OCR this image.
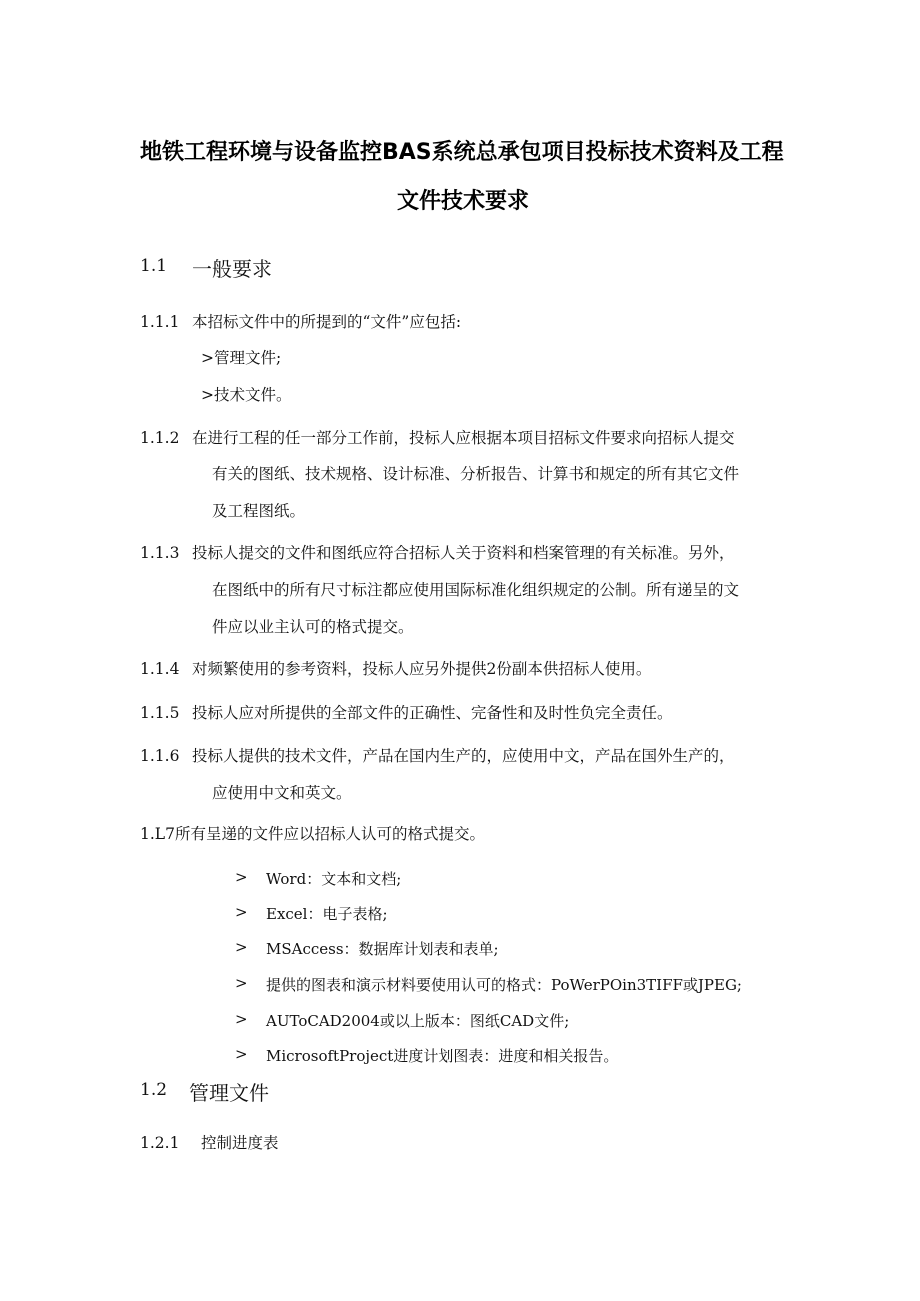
地铁工程环境与设备监控BAS系统总承包项目投标技术资料及工程
文件技术要求
1.1 一般要求
1.1.1 本招标文件中的所提到的“文件”应包括:
>管理文件;
>技术文件。
1.1.2 在进行工程的任一部分工作前，投标人应根据本项目招标文件要求向招标人提交
有关的图纸、技术规格、设计标准、分析报告、计算书和规定的所有其它文件
及工程图纸。
1.1.3 投标人提交的文件和图纸应符合招标人关于资料和档案管理的有关标准。另外，
在图纸中的所有尺寸标注都应使用国际标准化组织规定的公制。所有递呈的文
件应以业主认可的格式提交。
1.1.4 对频繁使用的参考资料，投标人应另外提供2份副本供招标人使用。
1.1.5 投标人应对所提供的全部文件的正确性、完备性和及时性负完全责任。
1.1.6 投标人提供的技术文件，产品在国内生产的，应使用中文，产品在国外生产的，
应使用中文和英文。
1.L7所有呈递的文件应以招标人认可的格式提交。
> Word：文本和文档;
> Excel：电子表格;
> MSAccess：数据库计划表和表单;
> 提供的图表和演示材料要使用认可的格式：PoWerPOin3TIFF或JPEG;
> AUToCAD2004或以上版本：图纸CAD文件;
> MicrosoftProject进度计划图表：进度和相关报告。
1.2 管理文件
1.2.1 控制进度表
